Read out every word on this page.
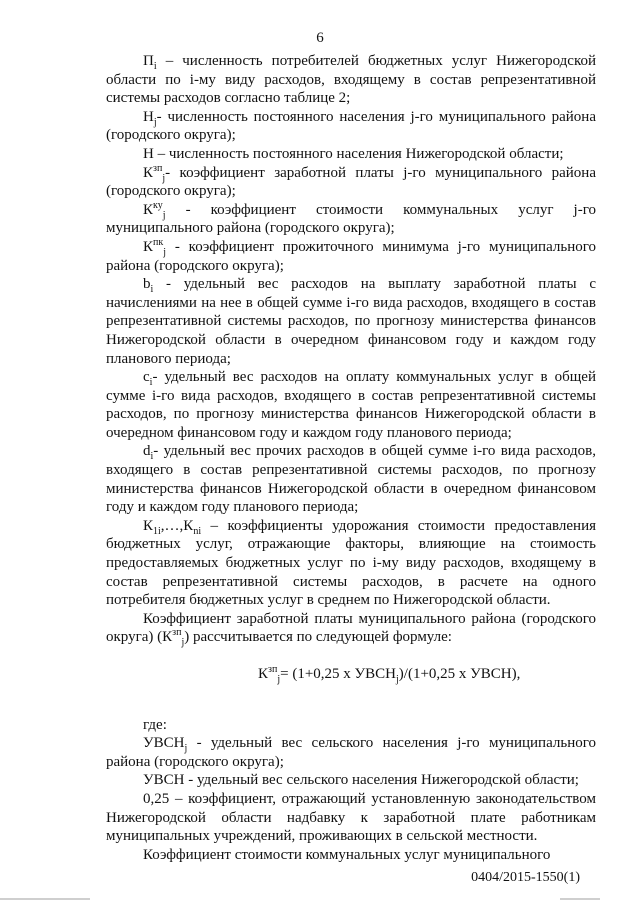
6

$П_i$ – численность потребителей бюджетных услуг Нижегородской области по i-му виду расходов, входящему в состав репрезентативной системы расходов согласно таблице 2;

$Н_j-$ численность постоянного населения j-го муниципального района (городского округа);

Н – численность постоянного населения Нижегородской области;

$К^{зп}_j-$ коэффициент заработной платы j-го муниципального района (городского округа);

$К^{ку}_j$ - коэффициент стоимости коммунальных услуг j-го муниципального района (городского округа);

$К^{пк}_j$ - коэффициент прожиточного минимума j-го муниципального района (городского округа);

$b_i$ - удельный вес расходов на выплату заработной платы с начислениями на нее в общей сумме i-го вида расходов, входящего в состав репрезентативной системы расходов, по прогнозу министерства финансов Нижегородской области в очередном финансовом году и каждом году планового периода;

$c_i-$ удельный вес расходов на оплату коммунальных услуг в общей сумме i-го вида расходов, входящего в состав репрезентативной системы расходов, по прогнозу министерства финансов Нижегородской области в очередном финансовом году и каждом году планового периода;

$d_i-$ удельный вес прочих расходов в общей сумме i-го вида расходов, входящего в состав репрезентативной системы расходов, по прогнозу министерства финансов Нижегородской области в очередном финансовом году и каждом году планового периода;

$К_{1i},\dots,К_{ni}$ – коэффициенты удорожания стоимости предоставления бюджетных услуг, отражающие факторы, влияющие на стоимость предоставляемых бюджетных услуг по i-му виду расходов, входящему в состав репрезентативной системы расходов, в расчете на одного потребителя бюджетных услуг в среднем по Нижегородской области.

Коэффициент заработной платы муниципального района (городского округа) $(К^{зп}_j)$ рассчитывается по следующей формуле:

$К^{зп}_j= (1+0,25$ х $УВСН_j)/(1+0,25$ х УВСН),

где:

$УВСН_j$ - удельный вес сельского населения j-го муниципального района (городского округа);

УВСН - удельный вес сельского населения Нижегородской области;

0,25 – коэффициент, отражающий установленную законодательством Нижегородской области надбавку к заработной плате работникам муниципальных учреждений, проживающих в сельской местности.

Коэффициент стоимости коммунальных услуг муниципального

0404/2015-1550(1)
